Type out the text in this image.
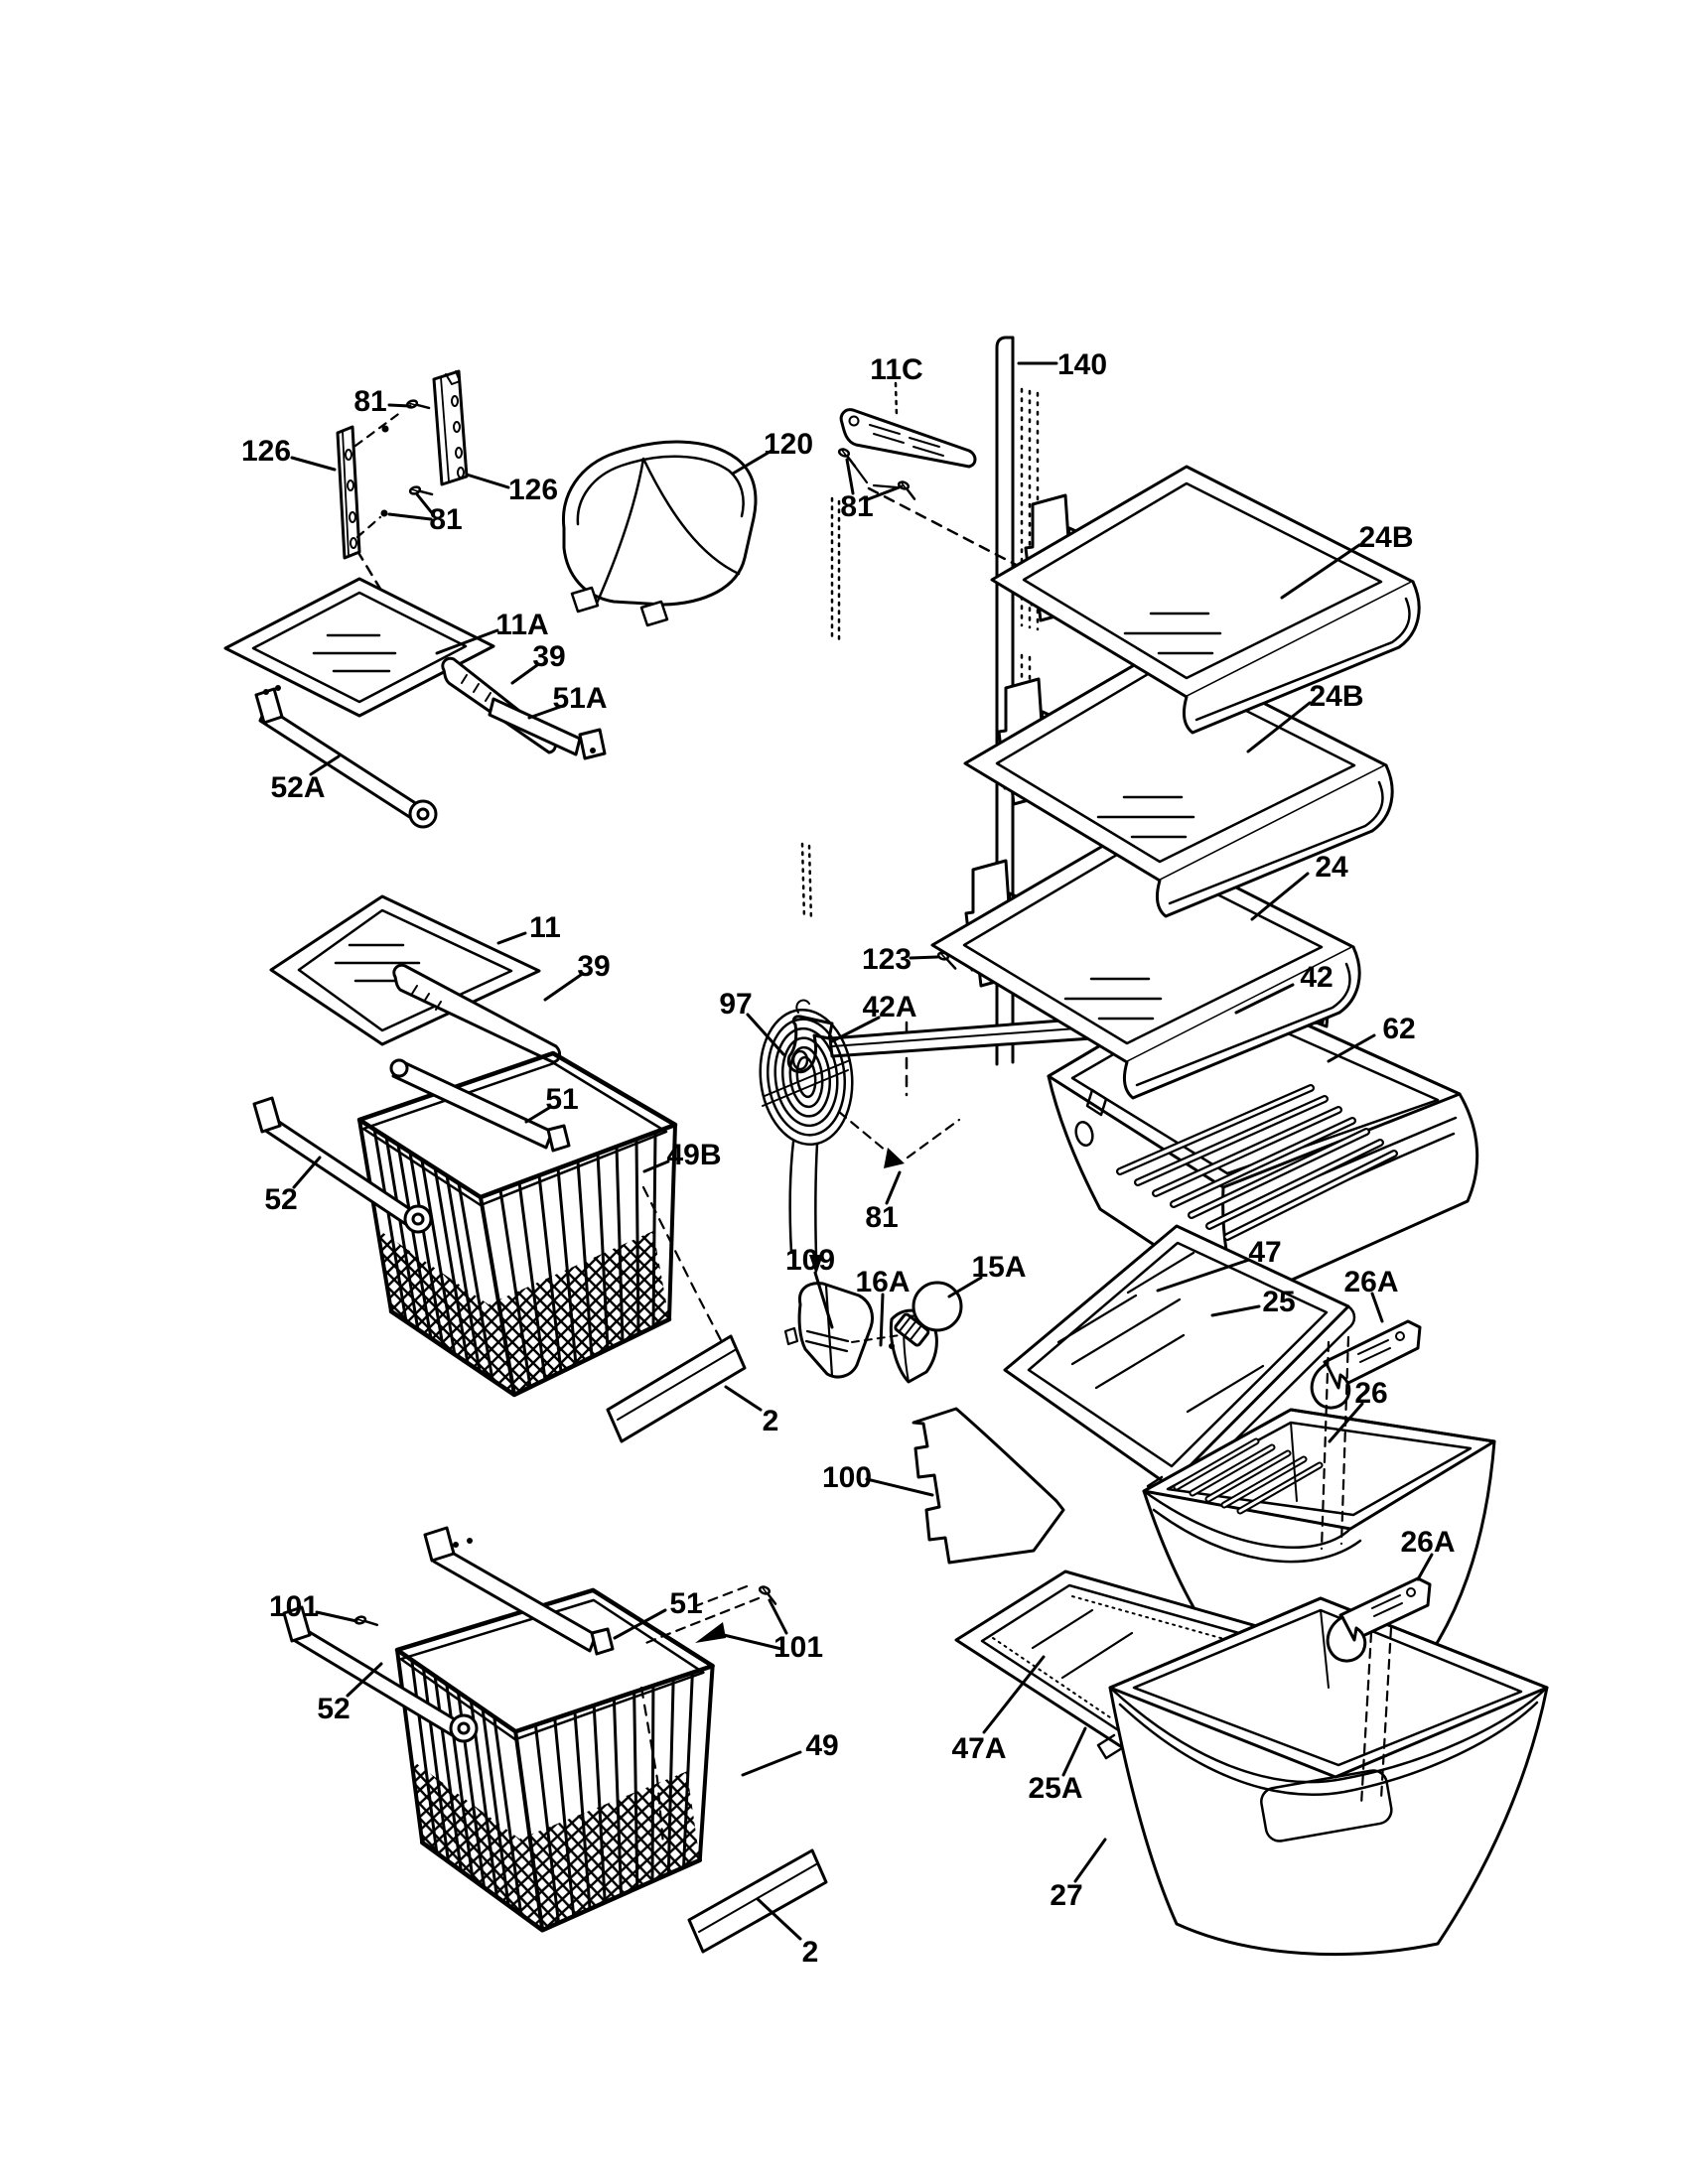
81
126
126
81
120
11C	140
81
24B
24B
11A
39
51A
52A
24
123
42
42A
97
62
11
39
51
49B
52
81
47
25
26A
109
16A 15A
26
2
100
26A
101	51
101
52
49	47A
25A
27
2
